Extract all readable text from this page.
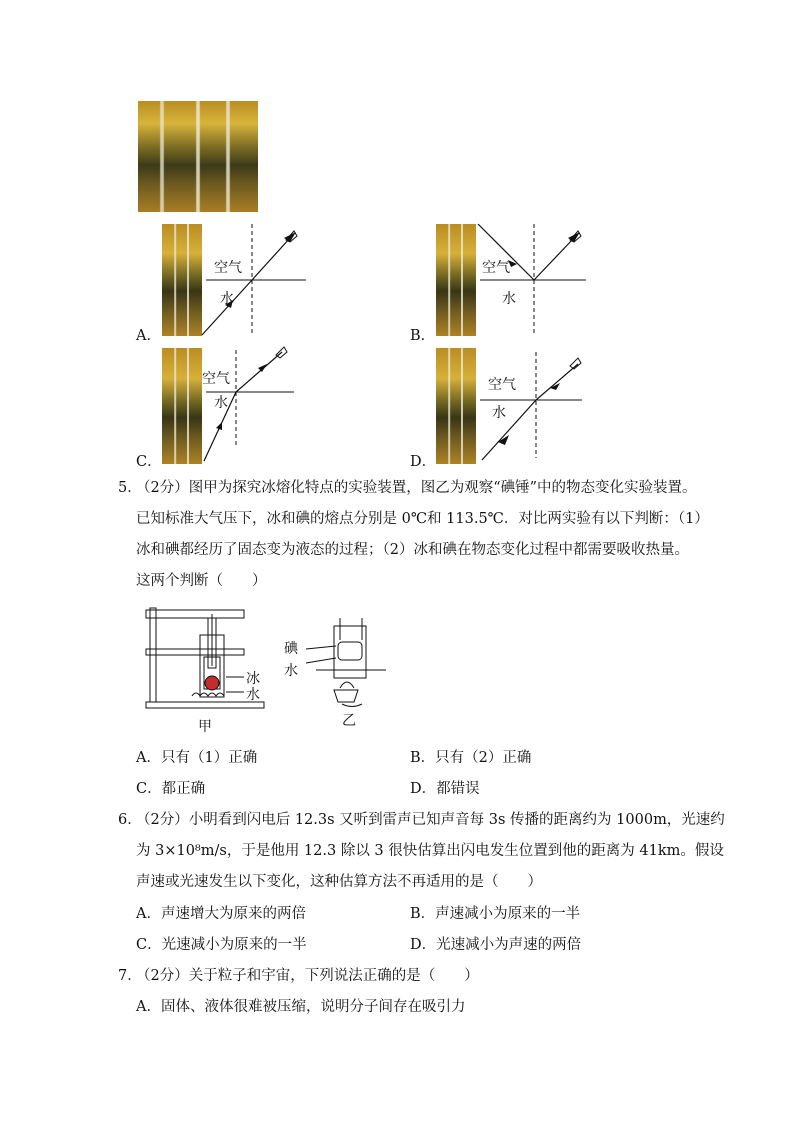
A．
空气
水
B．
空气
水
C．
空气
水
D．
空气
水
5．
（2分）图甲为探究冰熔化特点的实验装置，图乙为观察“碘锤”中的物态变化实验装置。
已知标准大气压下，冰和碘的熔点分别是 0℃和 113.5℃．对比两实验有以下判断：（1）
冰和碘都经历了固态变为液态的过程；（2）冰和碘在物态变化过程中都需要吸收热量。
这两个判断（　　）
冰
水
甲
碘
水
乙
A．只有（1）正确	B．只有（2）正确
C．都正确	D．都错误
6．
（2分）小明看到闪电后 12.3s 又听到雷声已知声音每 3s 传播的距离约为 1000m，光速约
为 3×10⁸m/s，于是他用 12.3 除以 3 很快估算出闪电发生位置到他的距离为 41km。假设
声速或光速发生以下变化，这种估算方法不再适用的是（　　）
A．声速增大为原来的两倍	B．声速减小为原来的一半
C．光速减小为原来的一半	D．光速减小为声速的两倍
7．
（2分）关于粒子和宇宙，下列说法正确的是（　　）
A．固体、液体很难被压缩，说明分子间存在吸引力
